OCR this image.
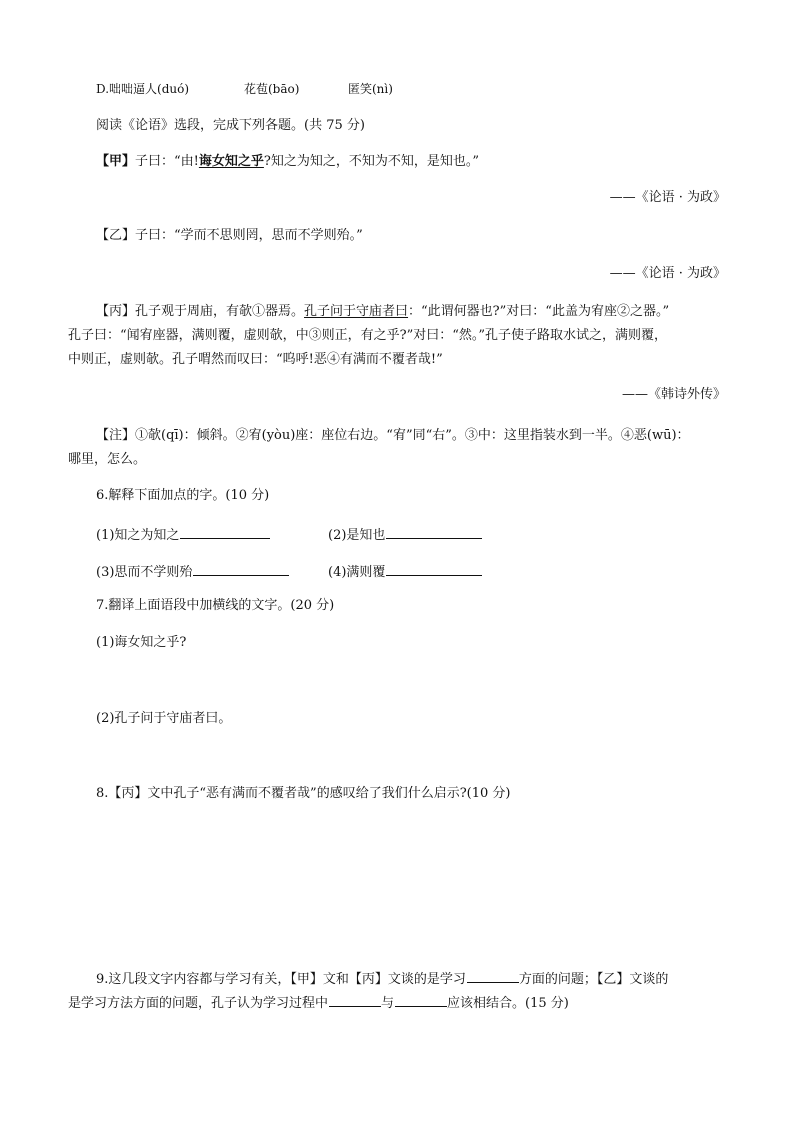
D.咄咄逼人(duó)	花苞(bāo)	匿笑(nì)
阅读《论语》选段，完成下列各题。(共 75 分)
【甲】子曰：“由!诲女知之乎?知之为知之，不知为不知，是知也。”
——《论语 · 为政》
【乙】子曰：“学而不思则罔，思而不学则殆。”
——《论语 · 为政》

【丙】孔子观于周庙，有欹①器焉。孔子问于守庙者曰：“此谓何器也?”对曰：“此盖为宥座②之器。”

孔子曰：“闻宥座器，满则覆，虚则欹，中③则正，有之乎?”对曰：“然。”孔子使子路取水试之，满则覆，

中则正，虚则欹。孔子喟然而叹曰：“呜呼!恶④有满而不覆者哉!”

——《韩诗外传》

【注】①欹(qī)：倾斜。②宥(yòu)座：座位右边。“宥”同“右”。③中：这里指装水到一半。④恶(wū)：

哪里，怎么。

6.解释下面加点的字。(10 分)
(1)知之为知之	(2)是知也
(3)思而不学则殆	(4)满则覆
7.翻译上面语段中加横线的文字。(20 分)
(1)诲女知之乎?
(2)孔子问于守庙者曰。
8.【丙】文中孔子“恶有满而不覆者哉”的感叹给了我们什么启示?(10 分)

9.这几段文字内容都与学习有关，【甲】文和【丙】文谈的是学习	方面的问题；【乙】文谈的

是学习方法方面的问题，孔子认为学习过程中	与	应该相结合。(15 分)
